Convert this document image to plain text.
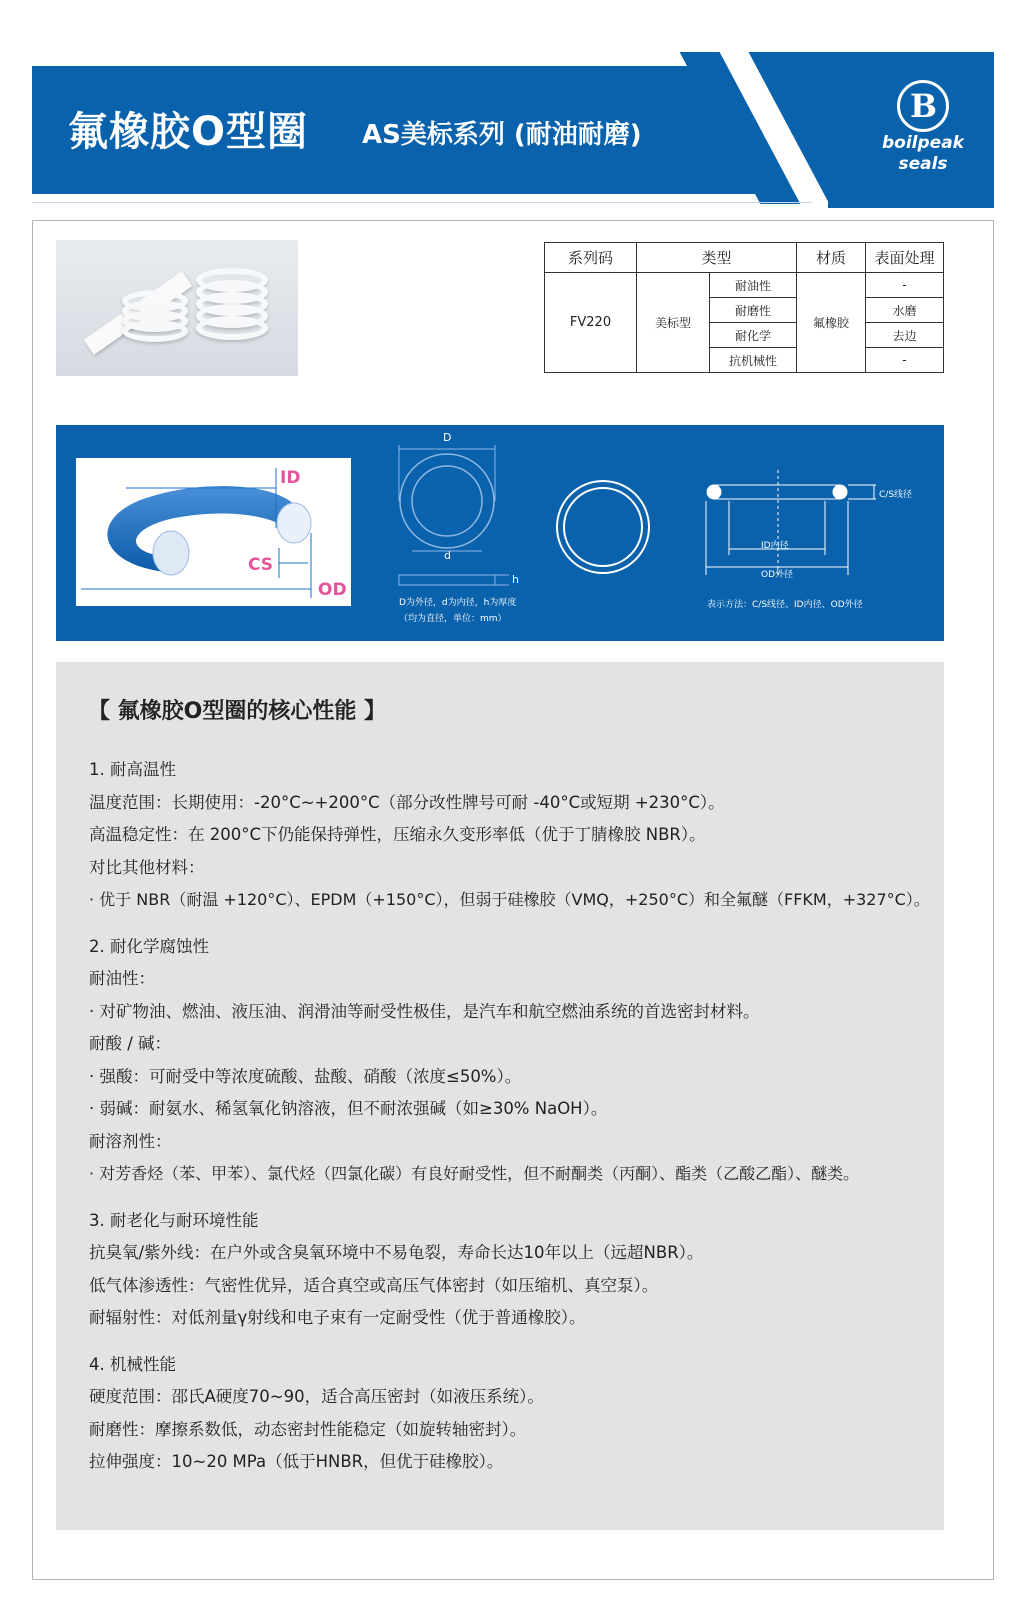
氟橡胶O型圈 AS美标系列 (耐油耐磨)
B
boilpeak
seals
系列码	类型		材质	表面处理
FV220	美标型	耐油性	氟橡胶	-
		耐磨性		水磨
		耐化学		去边
		抗机械性		-
ID
CS
OD
D
d
h
D为外径，d为内径，h为厚度
（均为直径，单位：mm）
C/S线径
ID内径
OD外径
表示方法：C/S线径、ID内径、OD外径
【 氟橡胶O型圈的核心性能 】
1. 耐高温性
温度范围：长期使用：-20°C~+200°C（部分改性牌号可耐 -40°C或短期 +230°C）。
高温稳定性：在 200°C下仍能保持弹性，压缩永久变形率低（优于丁腈橡胶 NBR）。
对比其他材料：
· 优于 NBR（耐温 +120°C）、EPDM（+150°C），但弱于硅橡胶（VMQ，+250°C）和全氟醚（FFKM，+327°C）。
2. 耐化学腐蚀性
耐油性：
· 对矿物油、燃油、液压油、润滑油等耐受性极佳，是汽车和航空燃油系统的首选密封材料。
耐酸 / 碱：
· 强酸：可耐受中等浓度硫酸、盐酸、硝酸（浓度≤50%）。
· 弱碱：耐氨水、稀氢氧化钠溶液，但不耐浓强碱（如≥30% NaOH）。
耐溶剂性：
· 对芳香烃（苯、甲苯）、氯代烃（四氯化碳）有良好耐受性，但不耐酮类（丙酮）、酯类（乙酸乙酯）、醚类。
3. 耐老化与耐环境性能
抗臭氧/紫外线：在户外或含臭氧环境中不易龟裂，寿命长达10年以上（远超NBR）。
低气体渗透性：气密性优异，适合真空或高压气体密封（如压缩机、真空泵）。
耐辐射性：对低剂量γ射线和电子束有一定耐受性（优于普通橡胶）。
4. 机械性能
硬度范围：邵氏A硬度70~90，适合高压密封（如液压系统）。
耐磨性：摩擦系数低，动态密封性能稳定（如旋转轴密封）。
拉伸强度：10~20 MPa（低于HNBR，但优于硅橡胶）。
